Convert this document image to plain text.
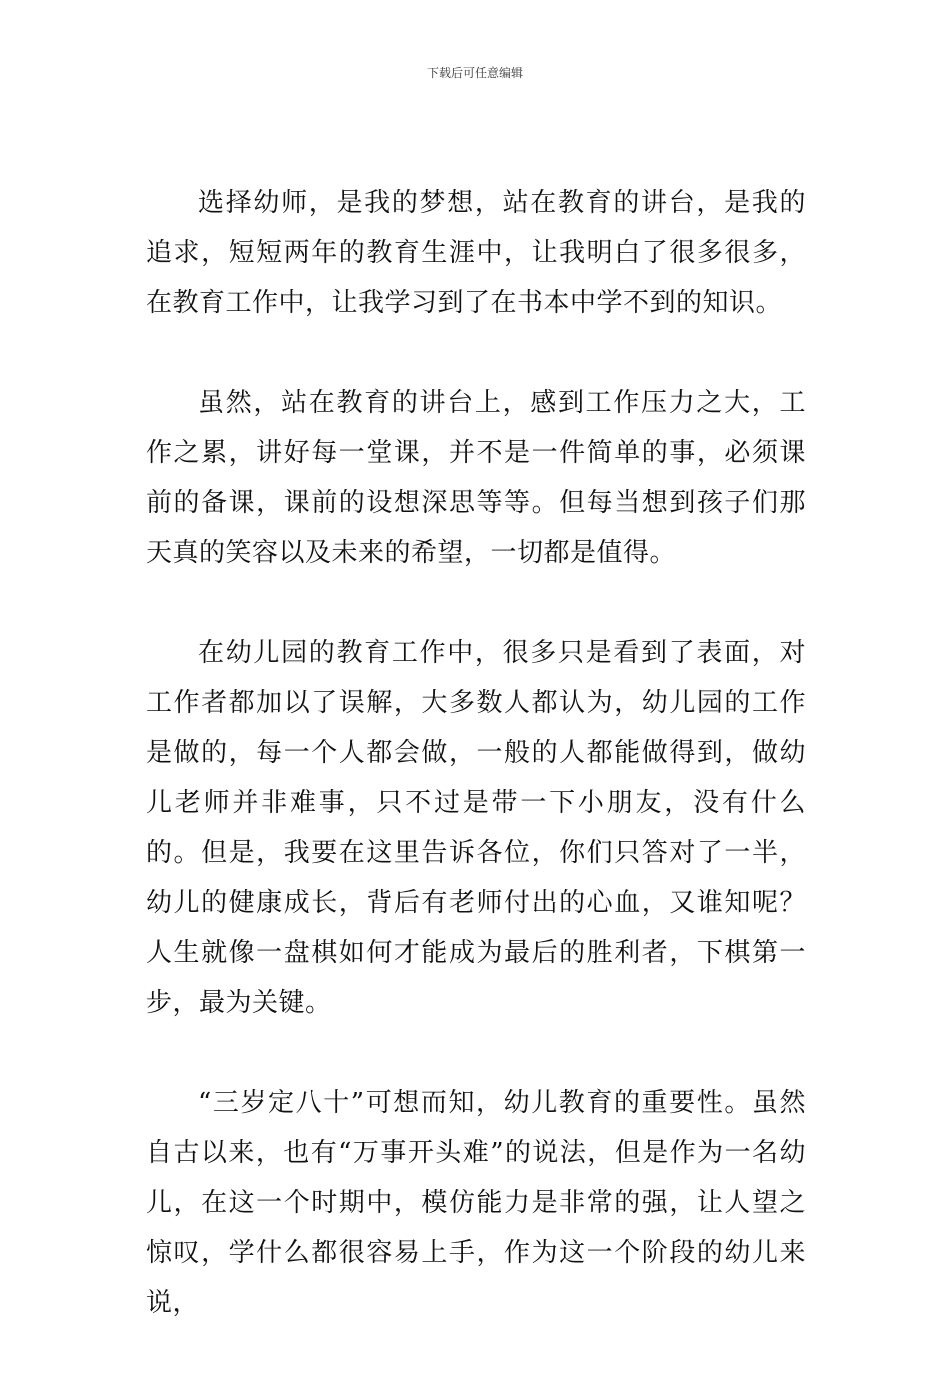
下载后可任意编辑

选择幼师，是我的梦想，站在教育的讲台，是我的追求，短短两年的教育生涯中，让我明白了很多很多，在教育工作中，让我学习到了在书本中学不到的知识。

虽然，站在教育的讲台上，感到工作压力之大，工作之累，讲好每一堂课，并不是一件简单的事，必须课前的备课，课前的设想深思等等。但每当想到孩子们那天真的笑容以及未来的希望，一切都是值得。

在幼儿园的教育工作中，很多只是看到了表面，对工作者都加以了误解，大多数人都认为，幼儿园的工作是做的，每一个人都会做，一般的人都能做得到，做幼儿老师并非难事，只不过是带一下小朋友，没有什么的。但是，我要在这里告诉各位，你们只答对了一半，幼儿的健康成长，背后有老师付出的心血，又谁知呢？人生就像一盘棋如何才能成为最后的胜利者，下棋第一步，最为关键。

“三岁定八十”可想而知，幼儿教育的重要性。虽然自古以来，也有“万事开头难”的说法，但是作为一名幼儿，在这一个时期中，模仿能力是非常的强，让人望之惊叹，学什么都很容易上手，作为这一个阶段的幼儿来说，
